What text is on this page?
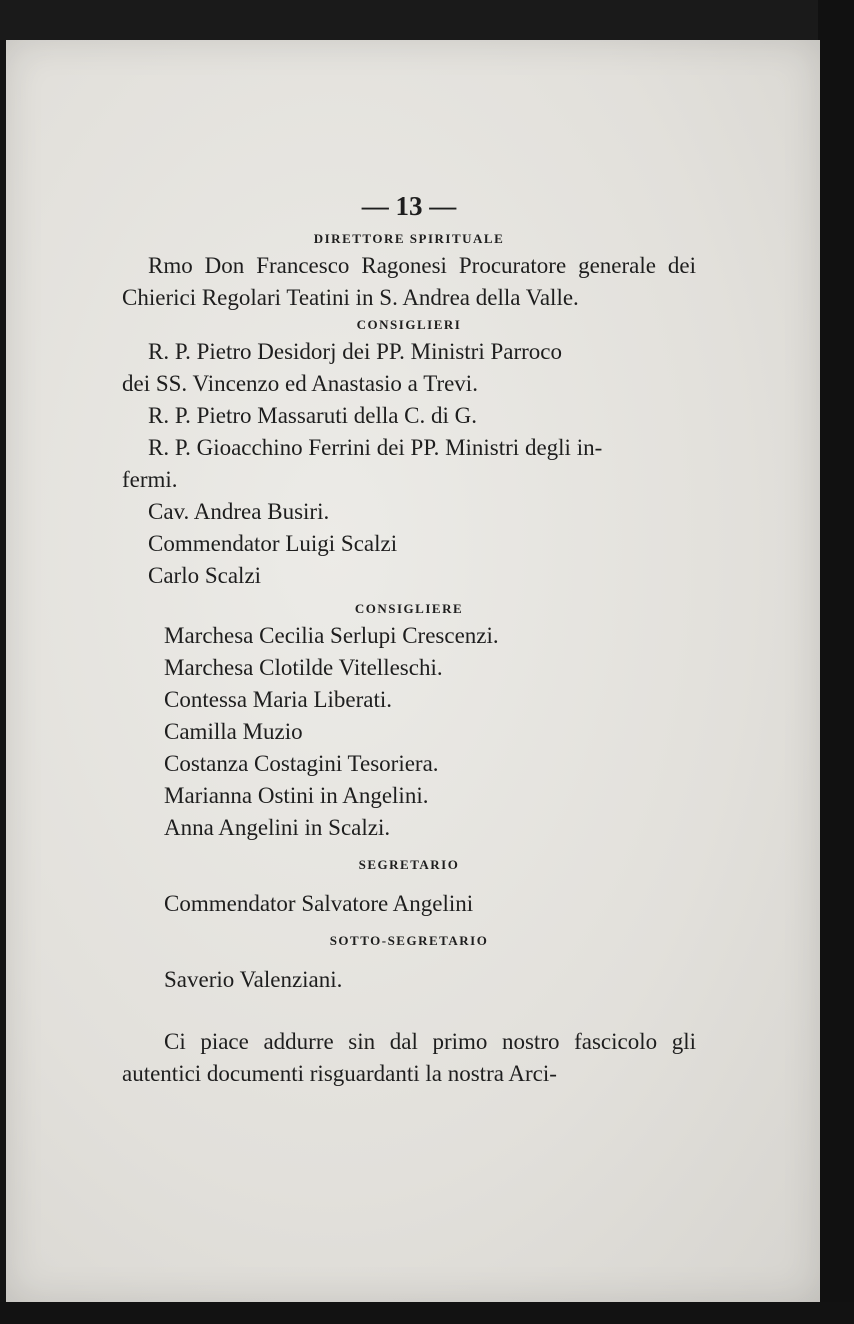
— 13 —
DIRETTORE SPIRITUALE

Rmo Don Francesco Ragonesi Procuratore generale dei Chierici Regolari Teatini in S. Andrea della Valle.

CONSIGLIERI
R. P. Pietro Desidorj dei PP. Ministri Parroco
dei SS. Vincenzo ed Anastasio a Trevi.
R. P. Pietro Massaruti della C. di G.
R. P. Gioacchino Ferrini dei PP. Ministri degli in-
fermi.
Cav. Andrea Busiri.
Commendator Luigi Scalzi
Carlo Scalzi
CONSIGLIERE
Marchesa Cecilia Serlupi Crescenzi.
Marchesa Clotilde Vitelleschi.
Contessa Maria Liberati.
Camilla Muzio
Costanza Costagini Tesoriera.
Marianna Ostini in Angelini.
Anna Angelini in Scalzi.
SEGRETARIO
Commendator Salvatore Angelini
SOTTO-SEGRETARIO
Saverio Valenziani.

Ci piace addurre sin dal primo nostro fascicolo gli autentici documenti risguardanti la nostra Arci-
